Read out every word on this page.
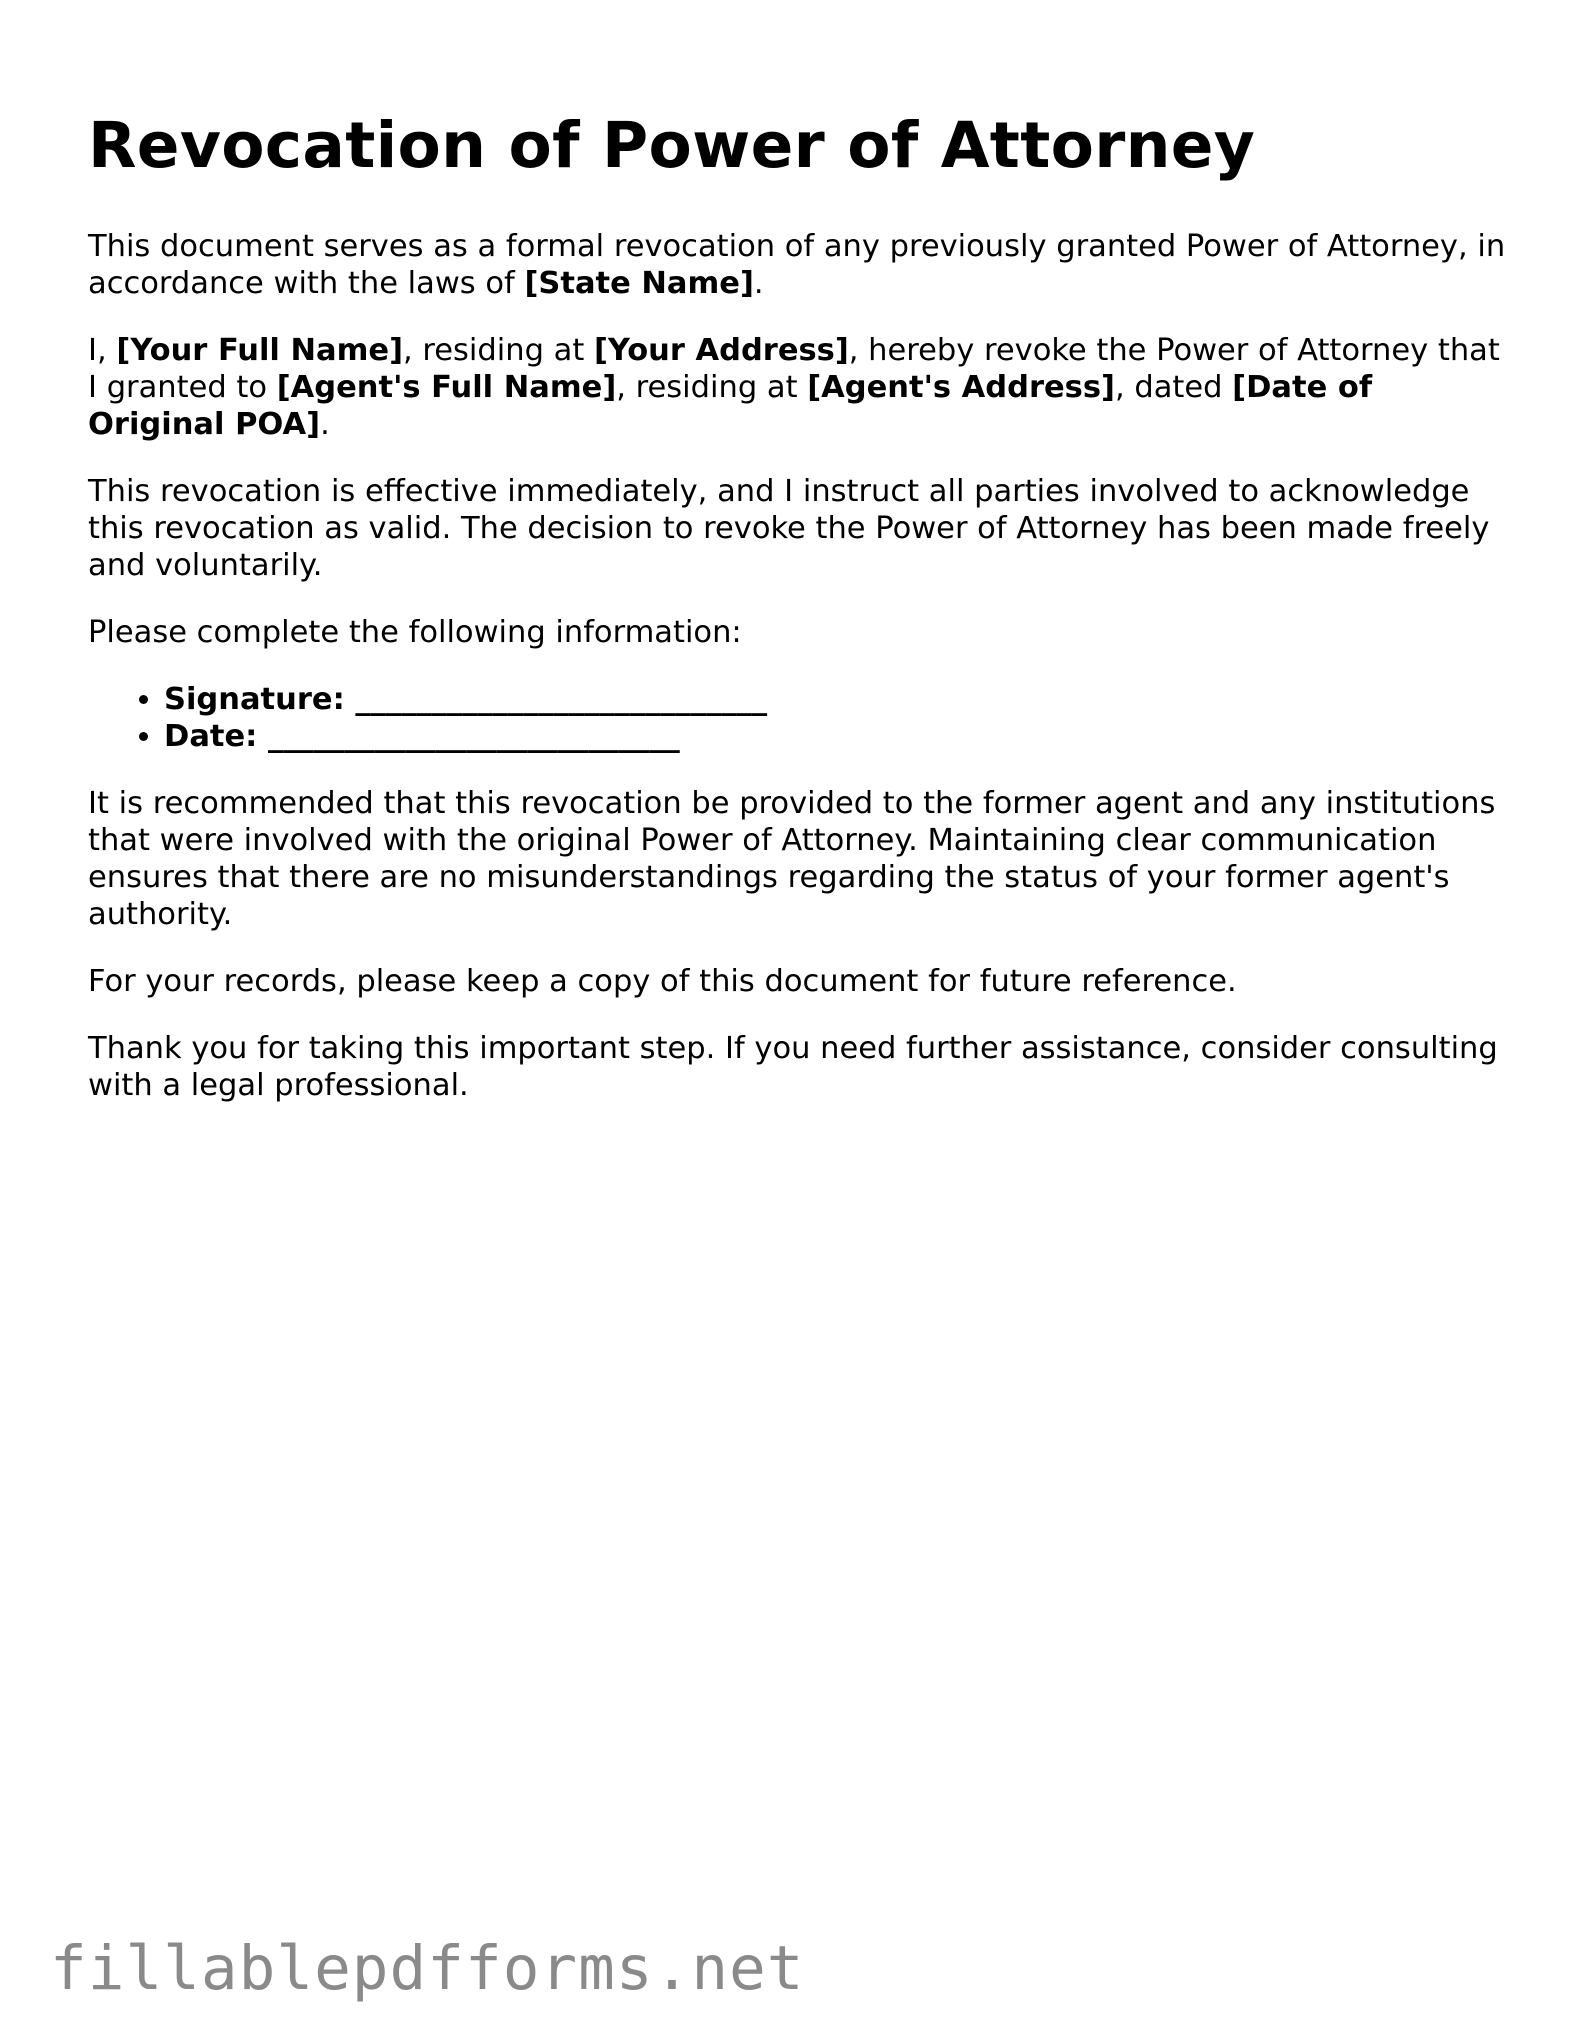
Revocation of Power of Attorney

This document serves as a formal revocation of any previously granted Power of Attorney, in accordance with the laws of [State Name].

I, [Your Full Name], residing at [Your Address], hereby revoke the Power of Attorney that I granted to [Agent's Full Name], residing at [Agent's Address], dated [Date of Original POA].

This revocation is effective immediately, and I instruct all parties involved to acknowledge this revocation as valid. The decision to revoke the Power of Attorney has been made freely and voluntarily.

Please complete the following information:

• Signature: ___________________________
• Date: ___________________________

It is recommended that this revocation be provided to the former agent and any institutions that were involved with the original Power of Attorney. Maintaining clear communication ensures that there are no misunderstandings regarding the status of your former agent's authority.

For your records, please keep a copy of this document for future reference.

Thank you for taking this important step. If you need further assistance, consider consulting with a legal professional.

fillablepdfforms.net
